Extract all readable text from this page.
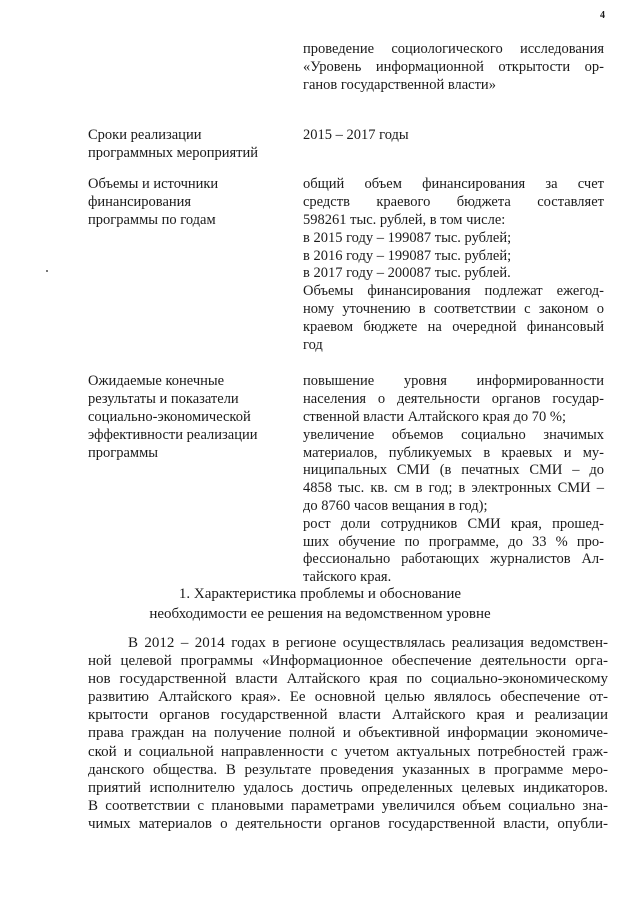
4
проведение социологического исследования
«Уровень информационной открытости ор-
ганов государственной власти»
Сроки реализации
программных мероприятий
2015 – 2017 годы
Объемы и источники
финансирования
программы по годам
общий объем финансирования за счет
средств краевого бюджета составляет
598261 тыс. рублей, в том числе:
в 2015 году – 199087 тыс. рублей;
в 2016 году – 199087 тыс. рублей;
в 2017 году – 200087 тыс. рублей.
Объемы финансирования подлежат ежегод-
ному уточнению в соответствии с законом о
краевом бюджете на очередной финансовый
год
Ожидаемые конечные
результаты и показатели
социально-экономической
эффективности реализации
программы
повышение уровня информированности
населения о деятельности органов государ-
ственной власти Алтайского края до 70 %;
увеличение объемов социально значимых
материалов, публикуемых в краевых и му-
ниципальных СМИ (в печатных СМИ – до
4858 тыс. кв. см в год; в электронных СМИ –
до 8760 часов вещания в год);
рост доли сотрудников СМИ края, прошед-
ших обучение по программе, до 33 % про-
фессионально работающих журналистов Ал-
тайского края.
1. Характеристика проблемы и обоснование
необходимости ее решения на ведомственном уровне
В 2012 – 2014 годах в регионе осуществлялась реализация ведомствен-
ной целевой программы «Информационное обеспечение деятельности орга-
нов государственной власти Алтайского края по социально-экономическому
развитию Алтайского края». Ее основной целью являлось обеспечение от-
крытости органов государственной власти Алтайского края и реализации
права граждан на получение полной и объективной информации экономиче-
ской и социальной направленности с учетом актуальных потребностей граж-
данского общества. В результате проведения указанных в программе меро-
приятий исполнителю удалось достичь определенных целевых индикаторов.
В соответствии с плановыми параметрами увеличился объем социально зна-
чимых материалов о деятельности органов государственной власти, опубли-
